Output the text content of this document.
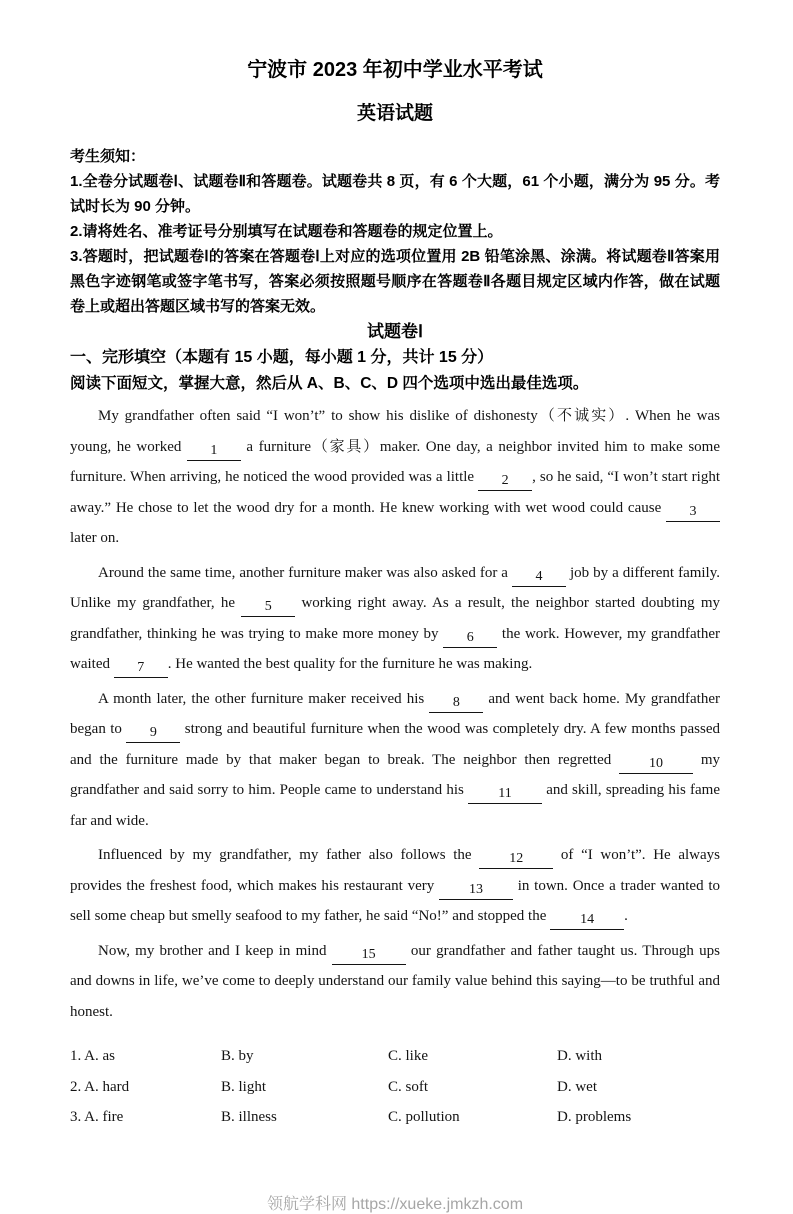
宁波市 2023 年初中学业水平考试
英语试题

考生须知：

1.全卷分试题卷Ⅰ、试题卷Ⅱ和答题卷。试题卷共 8 页，有 6 个大题，61 个小题，满分为 95 分。考试时长为 90 分钟。

2.请将姓名、准考证号分别填写在试题卷和答题卷的规定位置上。

3.答题时，把试题卷Ⅰ的答案在答题卷Ⅰ上对应的选项位置用 2B 铅笔涂黑、涂满。将试题卷Ⅱ答案用黑色字迹钢笔或签字笔书写，答案必须按照题号顺序在答题卷Ⅱ各题目规定区域内作答，做在试题卷上或超出答题区域书写的答案无效。

试题卷Ⅰ

一、完形填空（本题有 15 小题，每小题 1 分，共计 15 分）

阅读下面短文，掌握大意，然后从 A、B、C、D 四个选项中选出最佳选项。

My grandfather often said “I won’t” to show his dislike of dishonesty（不诚实）. When he was young, he worked 1 a furniture（家具）maker. One day, a neighbor invited him to make some furniture. When arriving, he noticed the wood provided was a little 2 , so he said, “I won’t start right away.” He chose to let the wood dry for a month. He knew working with wet wood could cause 3 later on.

Around the same time, another furniture maker was also asked for a 4 job by a different family. Unlike my grandfather, he 5 working right away. As a result, the neighbor started doubting my grandfather, thinking he was trying to make more money by 6 the work. However, my grandfather waited 7 . He wanted the best quality for the furniture he was making.

A month later, the other furniture maker received his 8 and went back home. My grandfather began to 9 strong and beautiful furniture when the wood was completely dry. A few months passed and the furniture made by that maker began to break. The neighbor then regretted 10 my grandfather and said sorry to him. People came to understand his 11 and skill, spreading his fame far and wide.

Influenced by my grandfather, my father also follows the 12 of “I won’t”. He always provides the freshest food, which makes his restaurant very 13 in town. Once a trader wanted to sell some cheap but smelly seafood to my father, he said “No!” and stopped the 14 .

Now, my brother and I keep in mind 15 our grandfather and father taught us. Through ups and downs in life, we’ve come to deeply understand our family value behind this saying—to be truthful and honest.

1. A. as	B. by	C. like	D. with
2. A. hard	B. light	C. soft	D. wet
3. A. fire	B. illness	C. pollution	D. problems
领航学科网 https://xueke.jmkzh.com
